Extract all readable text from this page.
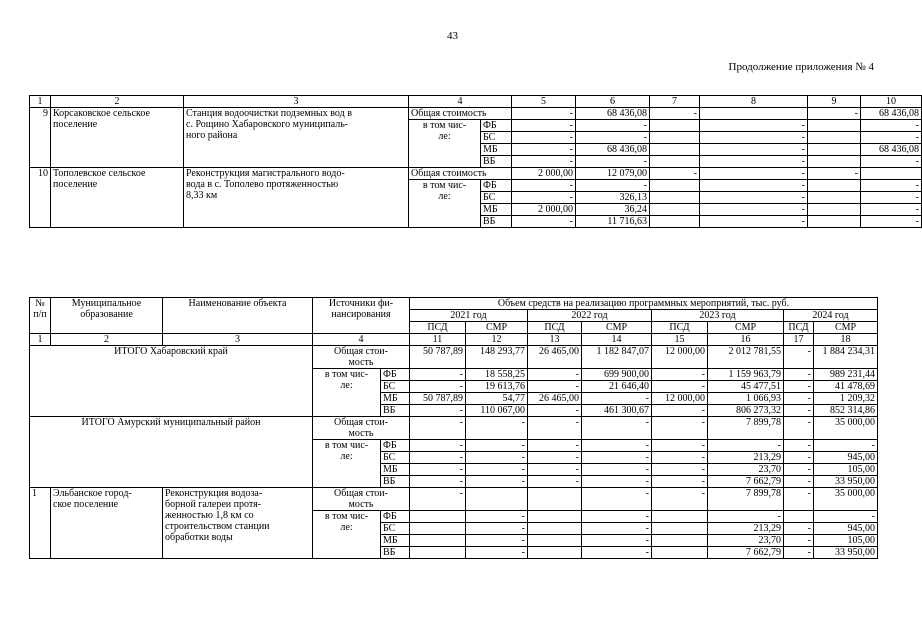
43
Продолжение приложения № 4
1	2	3	4		5	6	7	8	9	10
9	Корсаковское сельское
поселение	Станция водоочистки подземных вод в
с. Рощино Хабаровского муниципаль-
ного района	Общая стоимость		-	68 436,08	-		-	68 436,08
			в том чис-
ле:	ФБ	-	-		-		-
				БС	-	-		-		-
				МБ	-	68 436,08		-		68 436,08
				ВБ	-	-		-		-
10	Тополевское сельское
поселение	Реконструкция магистрального водо-
вода в с. Тополево протяженностью
8,33 км	Общая стоимость		2 000,00	12 079,00	-	-	-	
			в том чис-
ле:	ФБ	-	-		-		-
				БС	-	326,13		-		-
				МБ	2 000,00	36,24		-		-
				ВБ	-	11 716,63		-		-
№
п/п	Муниципальное
образование	Наименование объекта	Источники фи-
нансирования		Объем средств на реализацию программных мероприятий, тыс. руб.							
					2021 год		2022 год		2023 год		2024 год	
					ПСД	СМР	ПСД	СМР	ПСД	СМР	ПСД	СМР
1	2	3	4		11	12	13	14	15	16	17	18
ИТОГО Хабаровский край			Общая стои-
мость		50 787,89	148 293,77	26 465,00	1 182 847,07	12 000,00	2 012 781,55	-	1 884 234,31
			в том чис-
ле:	ФБ	-	18 558,25	-	699 900,00	-	1 159 963,79	-	989 231,44
				БС	-	19 613,76	-	21 646,40	-	45 477,51	-	41 478,69
				МБ	50 787,89	54,77	26 465,00	-	12 000,00	1 066,93	-	1 209,32
				ВБ	-	110 067,00	-	461 300,67	-	806 273,32	-	852 314,86
ИТОГО Амурский муниципальный район			Общая стои-
мость		-	-	-	-	-	7 899,78	-	35 000,00
			в том чис-
ле:	ФБ	-	-	-	-	-	-	-	-
				БС	-	-	-	-	-	213,29	-	945,00
				МБ	-	-	-	-	-	23,70	-	105,00
				ВБ	-	-	-	-	-	7 662,79	-	33 950,00
1	Эльбанское город-
ское поселение	Реконструкция водоза-
борной галереи протя-
женностью 1,8 км со
строительством станции
обработки воды	Общая стои-
мость		-			-	-	7 899,78	-	35 000,00
			в том чис-
ле:	ФБ		-		-		-		-
				БС		-		-		213,29	-	945,00
				МБ		-		-		23,70	-	105,00
				ВБ		-		-		7 662,79	-	33 950,00
